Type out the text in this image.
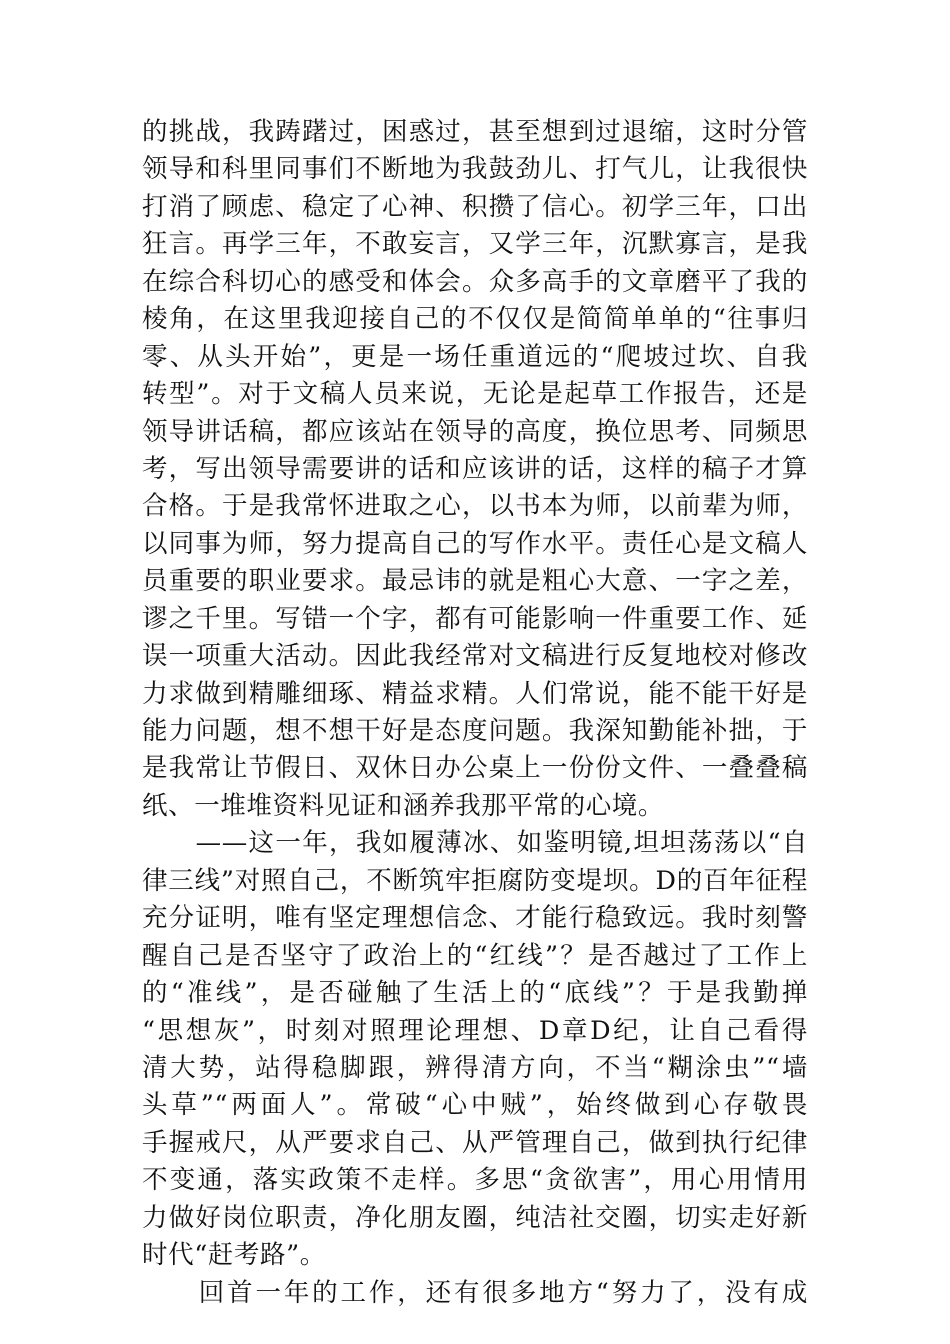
的挑战，我踌躇过，困惑过，甚至想到过退缩，这时分管
领导和科里同事们不断地为我鼓劲儿、打气儿，让我很快
打消了顾虑、稳定了心神、积攒了信心。初学三年，口出
狂言。再学三年，不敢妄言，又学三年，沉默寡言，是我
在综合科切心的感受和体会。众多高手的文章磨平了我的
棱角，在这里我迎接自己的不仅仅是简简单单的“往事归
零、从头开始”，更是一场任重道远的“爬坡过坎、自我
转型”。对于文稿人员来说，无论是起草工作报告，还是
领导讲话稿，都应该站在领导的高度，换位思考、同频思
考，写出领导需要讲的话和应该讲的话，这样的稿子才算
合格。于是我常怀进取之心，以书本为师，以前辈为师，
以同事为师，努力提高自己的写作水平。责任心是文稿人
员重要的职业要求。最忌讳的就是粗心大意、一字之差，
谬之千里。写错一个字，都有可能影响一件重要工作、延
误一项重大活动。因此我经常对文稿进行反复地校对修改
力求做到精雕细琢、精益求精。人们常说，能不能干好是
能力问题，想不想干好是态度问题。我深知勤能补拙，于
是我常让节假日、双休日办公桌上一份份文件、一叠叠稿
纸、一堆堆资料见证和涵养我那平常的心境。
　　——这一年，我如履薄冰、如鉴明镜,坦坦荡荡以“自
律三线”对照自己，不断筑牢拒腐防变堤坝。D的百年征程
充分证明，唯有坚定理想信念、才能行稳致远。我时刻警
醒自己是否坚守了政治上的“红线”？是否越过了工作上
的“准线”，是否碰触了生活上的“底线”？于是我勤掸
“思想灰”，时刻对照理论理想、D章D纪，让自己看得
清大势，站得稳脚跟，辨得清方向，不当“糊涂虫”“墙
头草”“两面人”。常破“心中贼”，始终做到心存敬畏
手握戒尺，从严要求自己、从严管理自己，做到执行纪律
不变通，落实政策不走样。多思“贪欲害”，用心用情用
力做好岗位职责，净化朋友圈，纯洁社交圈，切实走好新
时代“赶考路”。
　　回首一年的工作，还有很多地方“努力了，没有成
